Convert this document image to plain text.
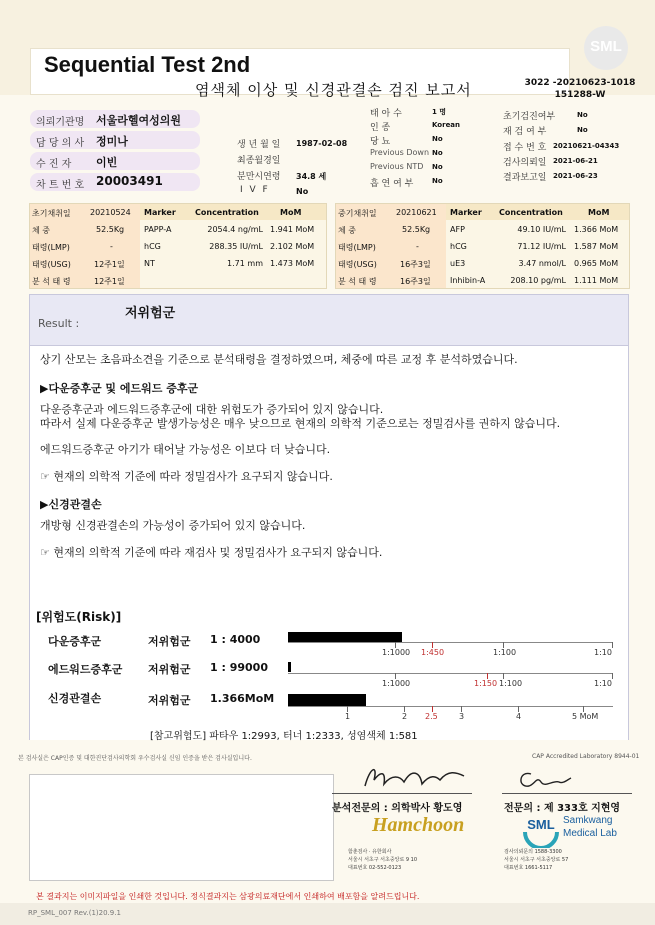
Sequential Test 2nd
염색체 이상 및 신경관결손 검진 보고서
SML
3022 -20210623-1018
151288-W
의뢰기관명 서울라헬여성의원
담 당 의 사 정미나
수 진 자 이빈
차 트 번 호 20003491
생 년 월 일 1987-02-08
최종월경일
분만시연령 34.8 세
I V F	No
태 아 수	1 명
인 종	Korean
당 뇨	No
Previous Down No
Previous NTD No
흡 연 여 부	No
초기검진여부	No
재 검 여 부	No
접 수 번 호 20210621-04343
검사의뢰일 2021-06-21
결과보고일 2021-06-23
초기채취일 20210524
체 중	52.5Kg
태령(LMP)	-
태령(USG)	12주1일
분 석 태 령	12주1일
Marker Concentration	MoM
PAPP-A	2054.4 ng/mL 1.941 MoM
hCG	288.35 IU/mL 2.102 MoM
NT	1.71 mm 1.473 MoM
중기채취일 20210621
체 중	52.5Kg
태령(LMP)	-
태령(USG)	16주3일
분 석 태 령	16주3일
Marker Concentration	MoM
AFP	49.10 IU/mL 1.366 MoM
hCG	71.12 IU/mL 1.587 MoM
uE3	3.47 nmol/L 0.965 MoM
Inhibin-A	208.10 pg/mL 1.111 MoM
Result :
저위험군
상기 산모는 초음파소견을 기준으로 분석태령을 결정하였으며, 체중에 따른 교정 후 분석하였습니다.
▶다운증후군 및 에드워드 증후군
다운증후군과 에드워드증후군에 대한 위험도가 증가되어 있지 않습니다.
따라서 실제 다운증후군 발생가능성은 매우 낮으므로 현재의 의학적 기준으로는 정밀검사를 권하지 않습니다.
에드워드증후군 아기가 태어날 가능성은 이보다 더 낮습니다.
☞ 현재의 의학적 기준에 따라 정밀검사가 요구되지 않습니다.
▶신경관결손
개방형 신경관결손의 가능성이 증가되어 있지 않습니다.
☞ 현재의 의학적 기준에 따라 재검사 및 정밀검사가 요구되지 않습니다.
[위험도(Risk)]
다운증후군	저위험군 1 : 4000
1:1000 1:450	1:100	1:10
에드워드증후군 저위험군 1 : 99000
1:1000	1:150 1:100	1:10
신경관결손	저위험군 1.366MoM
1	2 2.5	3	4	5 MoM
[참고위험도] 파타우 1:2993, 터너 1:2333, 성염색체 1:581
본 검사실은 CAP인증 및 대한진단검사의학회 우수검사실 신임 인증을 받은 검사실입니다.	CAP Accredited Laboratory 8944-01
분석전문의 : 의학박사 황도영	전문의 : 제 333호 지현영
Hamchoon
함춘검사 · 유한회사
서울시 서초구 서초중앙로 9 10
대표번호 02-552-0123
SML Samkwang
Medical Lab
검사의뢰문의 1588-3300
서울시 서초구 서초중앙로 57
대표번호 1661-5117
본 결과지는 이미지파일을 인쇄한 것입니다. 정식결과지는 삼광의료재단에서 인쇄하여 배포함을 알려드립니다.
RP_SML_007 Rev.(1)20.9.1
